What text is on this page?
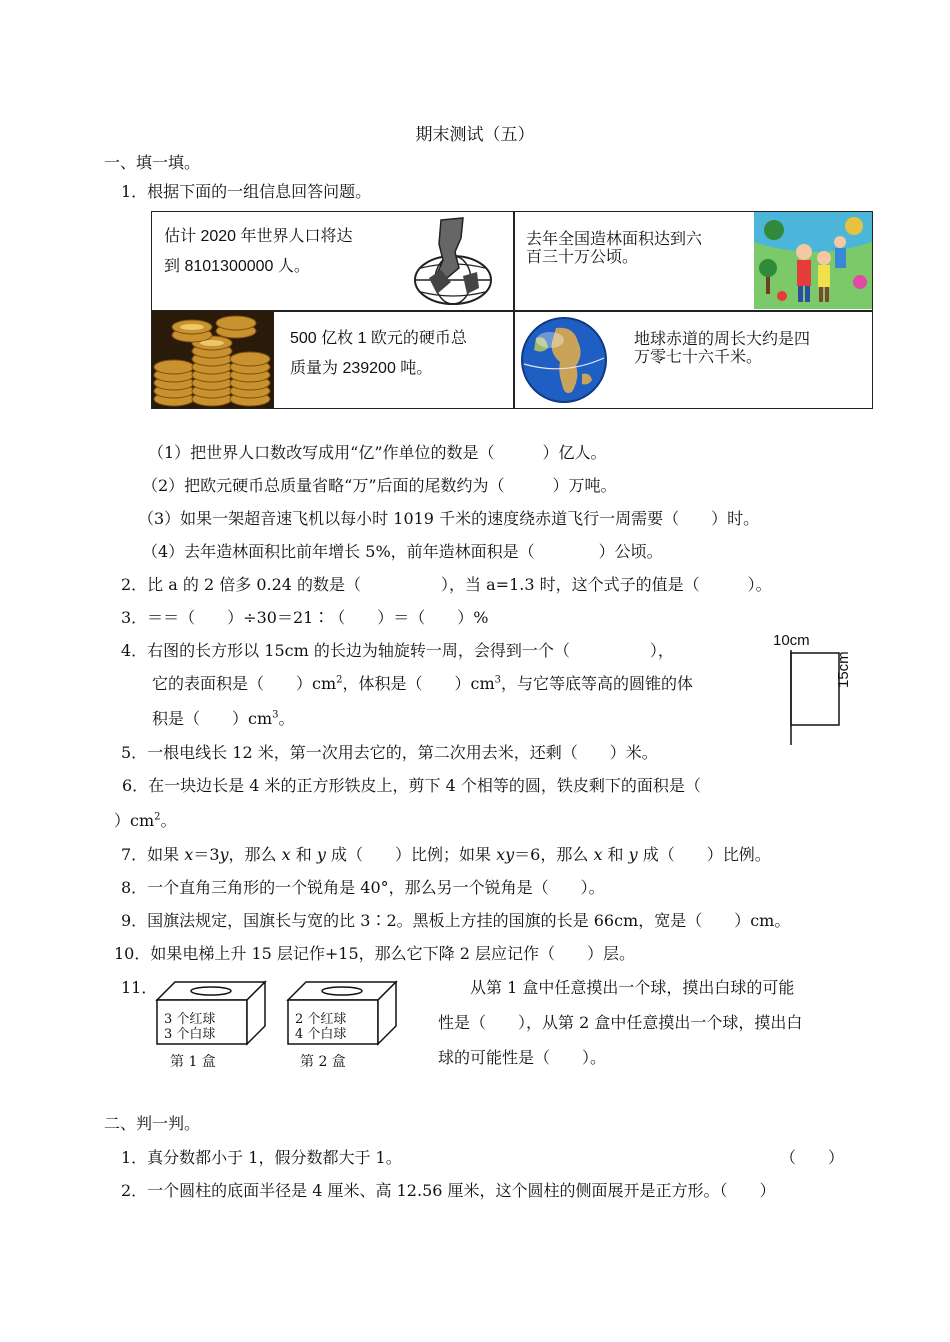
期末测试（五）
一、填一填。
1．根据下面的一组信息回答问题。
估计 2020 年世界人口将达
到 8101300000 人。
去年全国造林面积达到六
百三十万公顷。
500 亿枚 1 欧元的硬币总
质量为 239200 吨。
地球赤道的周长大约是四
万零七十六千米。
（1）把世界人口数改写成用“亿”作单位的数是（　　　）亿人。
（2）把欧元硬币总质量省略“万”后面的尾数约为（　　　）万吨。
（3）如果一架超音速飞机以每小时 1019 千米的速度绕赤道飞行一周需要（　　）时。
（4）去年造林面积比前年增长 5%，前年造林面积是（　　　　）公顷。
2．比 a 的 2 倍多 0.24 的数是（　　　　　），当 a=1.3 时，这个式子的值是（　　　）。
3．＝＝（　　）÷30＝21∶（　　）＝（　　）%
4．右图的长方形以 15cm 的长边为轴旋转一周，会得到一个（　　　　　），
它的表面积是（　　）$cm^2$，体积是（　　）$cm^3$，与它等底等高的圆锥的体
积是（　　）$cm^3$。
10cm
15cm
5．一根电线长 12 米，第一次用去它的，第二次用去米，还剩（　　）米。
6．在一块边长是 4 米的正方形铁皮上，剪下 4 个相等的圆，铁皮剩下的面积是（
）$cm^2$。
7．如果 x＝3y，那么 x 和 y 成（　　）比例；如果 xy＝6，那么 x 和 y 成（　　）比例。
8．一个直角三角形的一个锐角是 40°，那么另一个锐角是（　　）。
9．国旗法规定，国旗长与宽的比 3∶2。黑板上方挂的国旗的长是 66cm，宽是（　　）cm。
10．如果电梯上升 15 层记作+15，那么它下降 2 层应记作（　　）层。
11．
3 个红球
3 个白球
第 1 盒
2 个红球
4 个白球
第 2 盒
从第 1 盒中任意摸出一个球，摸出白球的可能
性是（　　），从第 2 盒中任意摸出一个球，摸出白
球的可能性是（　　）。
二、判一判。
1．真分数都小于 1，假分数都大于 1。	（　　）
2．一个圆柱的底面半径是 4 厘米、高 12.56 厘米，这个圆柱的侧面展开是正方形。（　　）
